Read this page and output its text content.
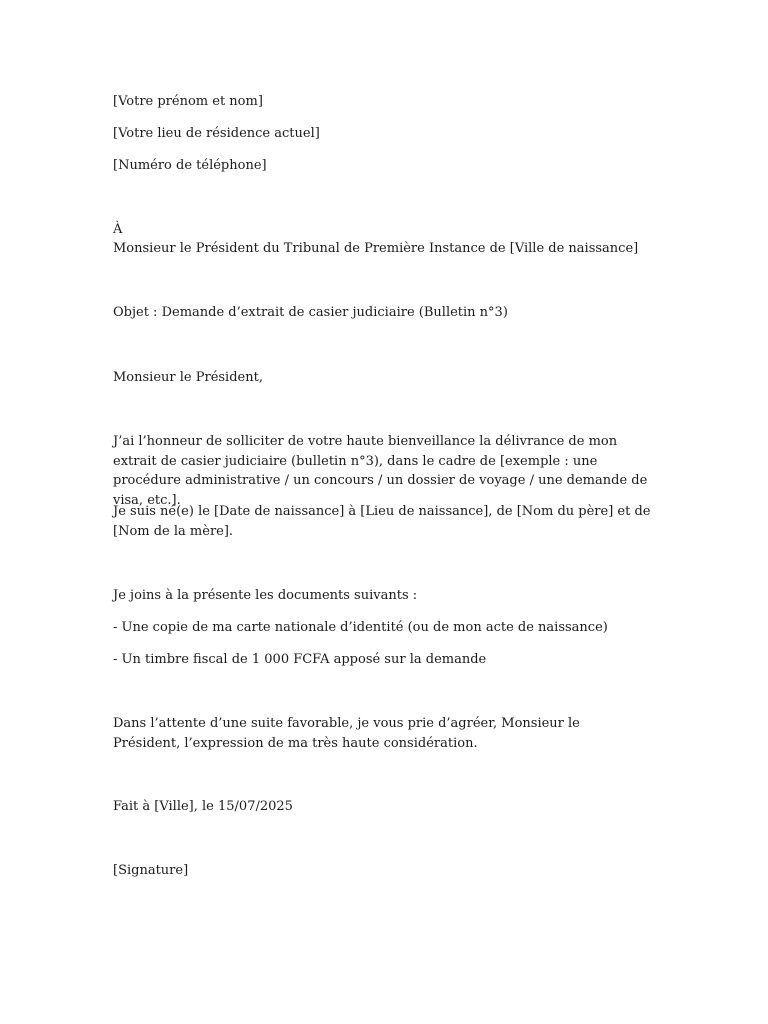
[Votre prénom et nom]
[Votre lieu de résidence actuel]
[Numéro de téléphone]
À
Monsieur le Président du Tribunal de Première Instance de [Ville de naissance]
Objet : Demande d’extrait de casier judiciaire (Bulletin n°3)
Monsieur le Président,
J’ai l’honneur de solliciter de votre haute bienveillance la délivrance de mon extrait de casier judiciaire (bulletin n°3), dans le cadre de [exemple : une procédure administrative / un concours / un dossier de voyage / une demande de visa, etc.].
Je suis né(e) le [Date de naissance] à [Lieu de naissance], de [Nom du père] et de [Nom de la mère].
Je joins à la présente les documents suivants :
- Une copie de ma carte nationale d’identité (ou de mon acte de naissance)
- Un timbre fiscal de 1 000 FCFA apposé sur la demande
Dans l’attente d’une suite favorable, je vous prie d’agréer, Monsieur le Président, l’expression de ma très haute considération.
Fait à [Ville], le 15/07/2025
[Signature]
